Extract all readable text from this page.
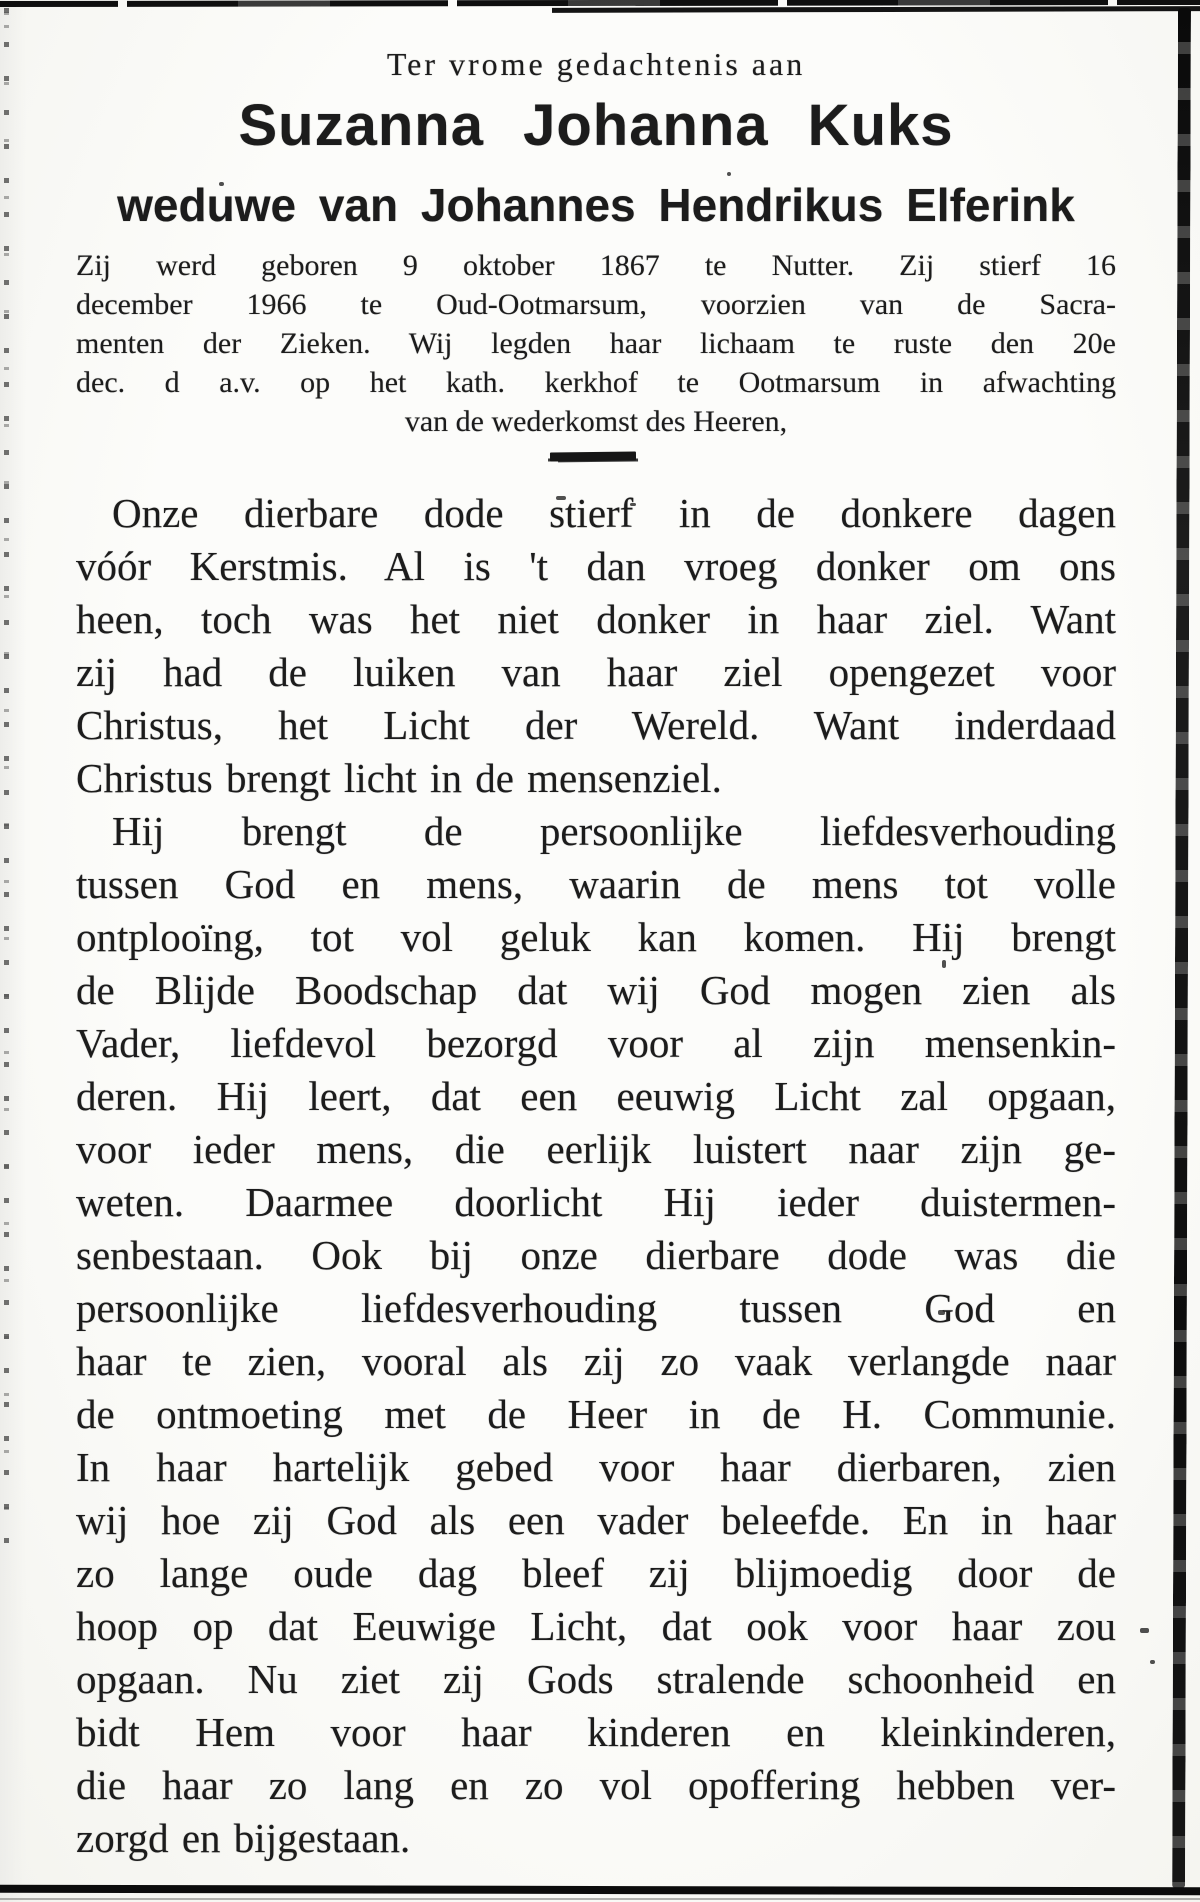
Ter vrome gedachtenis aan
Suzanna Johanna Kuks
weduwe van Johannes Hendrikus Elferink
Zij werd geboren 9 oktober 1867 te Nutter. Zij stierf 16
december 1966 te Oud-Ootmarsum, voorzien van de Sacra-
menten der Zieken. Wij legden haar lichaam te ruste den 20e
dec. d a.v. op het kath. kerkhof te Ootmarsum in afwachting
van de wederkomst des Heeren,
Onze dierbare dode stierf in de donkere dagen
vóór Kerstmis. Al is 't dan vroeg donker om ons
heen, toch was het niet donker in haar ziel. Want
zij had de luiken van haar ziel opengezet voor
Christus, het Licht der Wereld. Want inderdaad
Christus brengt licht in de mensenziel.
Hij brengt de persoonlijke liefdesverhouding
tussen God en mens, waarin de mens tot volle
ontplooïng, tot vol geluk kan komen. Hij brengt
de Blijde Boodschap dat wij God mogen zien als
Vader, liefdevol bezorgd voor al zijn mensenkin-
deren. Hij leert, dat een eeuwig Licht zal opgaan,
voor ieder mens, die eerlijk luistert naar zijn ge-
weten. Daarmee doorlicht Hij ieder duistermen-
senbestaan. Ook bij onze dierbare dode was die
persoonlijke liefdesverhouding tussen God en
haar te zien, vooral als zij zo vaak verlangde naar
de ontmoeting met de Heer in de H. Communie.
In haar hartelijk gebed voor haar dierbaren, zien
wij hoe zij God als een vader beleefde. En in haar
zo lange oude dag bleef zij blijmoedig door de
hoop op dat Eeuwige Licht, dat ook voor haar zou
opgaan. Nu ziet zij Gods stralende schoonheid en
bidt Hem voor haar kinderen en kleinkinderen,
die haar zo lang en zo vol opoffering hebben ver-
zorgd en bijgestaan.
